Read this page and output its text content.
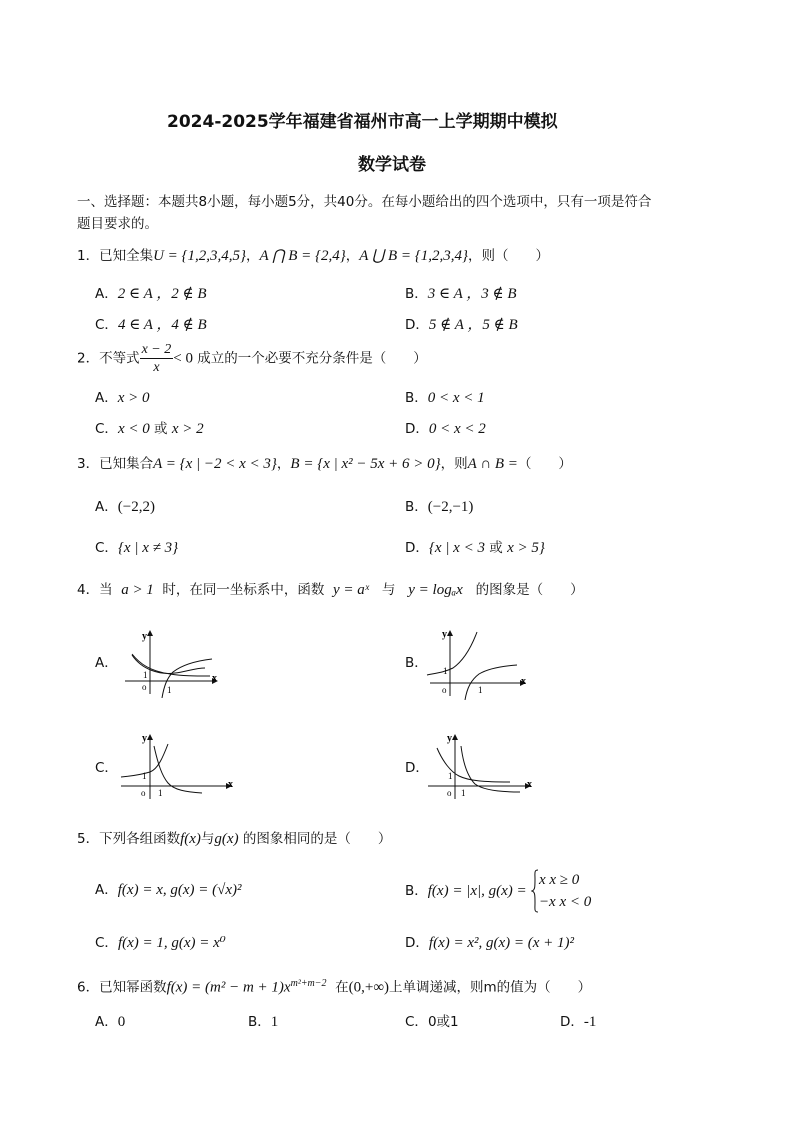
2024-2025学年福建省福州市高一上学期期中模拟
数学试卷
一、选择题：本题共8小题，每小题5分，共40分。在每小题给出的四个选项中，只有一项是符合
题目要求的。
1．已知全集U = {1,2,3,4,5}，A ⋂ B = {2,4}，A ⋃ B = {1,2,3,4}，则（　　）
A．2 ∈ A ，2 ∉ B	B．3 ∈ A ，3 ∉ B
C．4 ∈ A ，4 ∉ B	D．5 ∉ A ，5 ∉ B
2．不等式 $\frac{x - 2}{x} < 0$ 成立的一个必要不充分条件是（　　）
A．x > 0	B．0 < x < 1
C．x < 0 或 x > 2	D．0 < x < 2
3．已知集合A = {x | −2 < x < 3}，B = {x | x² − 5x + 6 > 0}，则A ∩ B =（　　）
A．(−2,2)	B．(−2,−1)
C．{x | x ≠ 3}	D．{x | x < 3 或 x > 5}
4．当 a > 1 时，在同一坐标系中，函数 y = aˣ 与 y = logₐx 的图象是（　　）
A．	B．
C．	D．
y
x
o
1
1
y
x
o
1
1
y
x
o
1
1
y
x
o
1
1
5．下列各组函数f(x)与g(x) 的图象相同的是（　　）
A．f(x) = x, g(x) = (√x)²	B．f(x) = |x|, g(x) =
x x ≥ 0
−x x < 0
C．f(x) = 1, g(x) = x⁰	D．f(x) = x², g(x) = (x + 1)²
6．已知幂函数$f(x) = (m^2 - m + 1)x^{m^2+m-2}$ 在(0,+∞)上单调递减，则m的值为（　　）
A．0	B．1	C．0或1	D．-1
